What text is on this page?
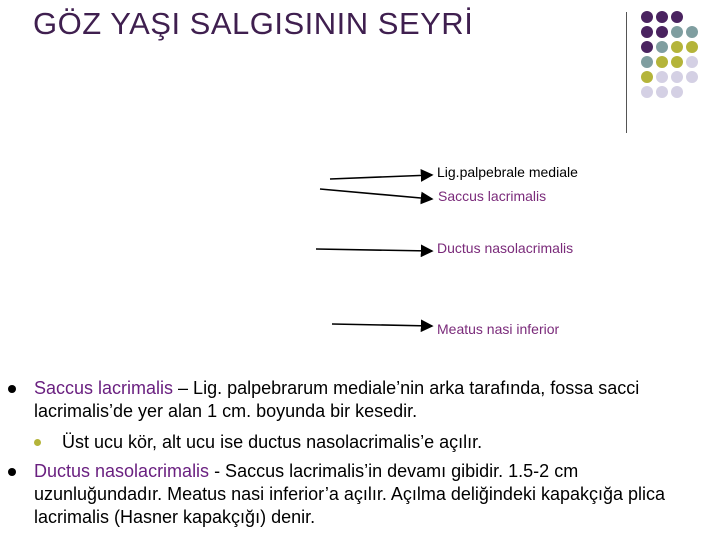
GÖZ YAŞI SALGISININ SEYRİ
Lig.palpebrale mediale
Saccus lacrimalis
Ductus nasolacrimalis
Meatus nasi inferior
Saccus lacrimalis – Lig. palpebrarum mediale’nin arka tarafında, fossa sacci lacrimalis’de yer alan 1 cm. boyunda bir kesedir.
Üst ucu kör, alt ucu ise ductus nasolacrimalis’e açılır.
Ductus nasolacrimalis - Saccus lacrimalis’in devamı gibidir. 1.5-2 cm uzunluğundadır. Meatus nasi inferior’a açılır. Açılma deliğindeki kapakçığa plica lacrimalis (Hasner kapakçığı) denir.
